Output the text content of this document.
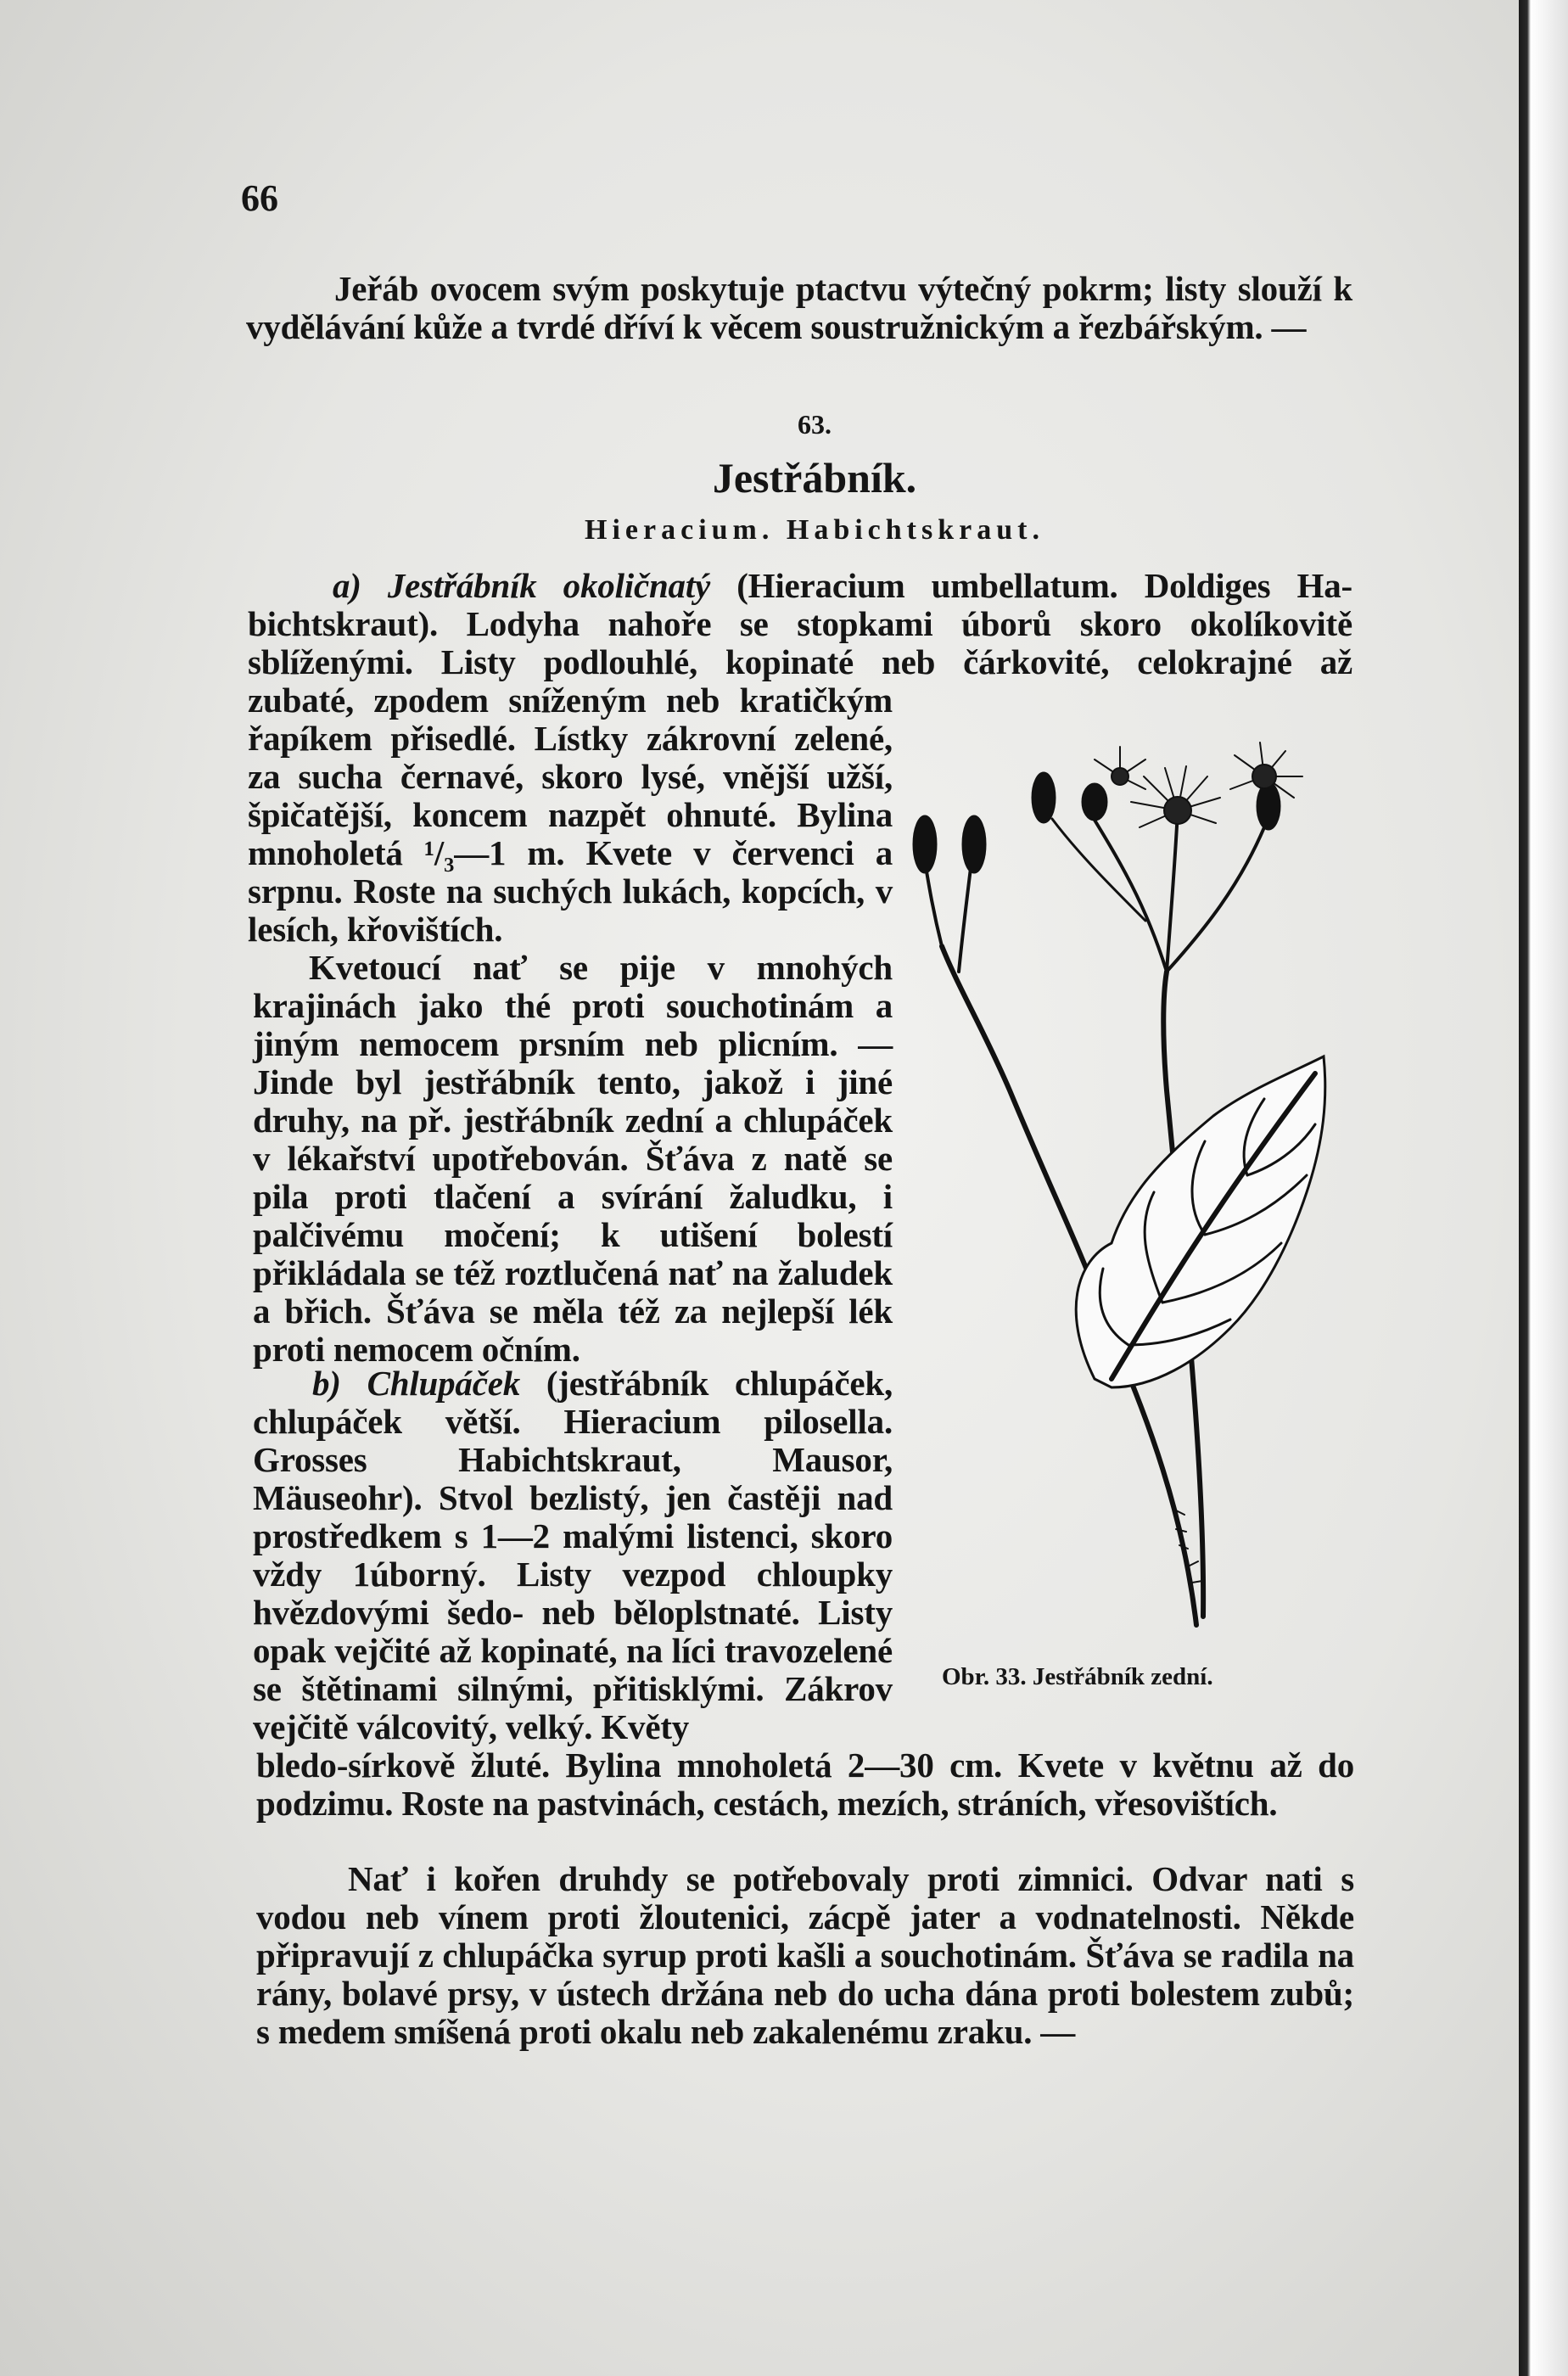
66
Jeřáb ovocem svým poskytuje ptactvu výtečný pokrm; listy slouží k vydělávání kůže a tvrdé dříví k věcem soustružnickým a řezbářským. —
63.
Jestřábník.
Hieracium. Habichtskraut.
a) Jestřábník okoličnatý (Hieracium umbellatum. Doldiges Ha-
bichtskraut). Lodyha nahoře se stopkami úborů skoro okolíkovitě
sblíženými. Listy podlouhlé, kopinaté neb čárkovité, celokrajné až
zubaté, zpodem sníženým neb kratičkým řapíkem přisedlé. Lístky zákrovní zelené, za sucha černavé, skoro lysé, vnější užší, špičatější, koncem nazpět ohnuté. Bylina mnoholetá ¹/₃—1 m. Kvete v červenci a srpnu. Roste na suchých lukách, kopcích, v lesích, křovištích.
Kvetoucí nať se pije v mnohých krajinách jako thé proti souchotinám a jiným nemocem prsním neb plicním. — Jinde byl jestřábník tento, jakož i jiné druhy, na př. jestřábník zední a chlupáček v lékařství upotřebován. Šťáva z natě se pila proti tlačení a svírání žaludku, i palčivému močení; k utišení bolestí přikládala se též roztlučená nať na žaludek a břich. Šťáva se měla též za nejlepší lék proti nemocem očním.
b) Chlupáček (jestřábník chlupáček, chlupáček větší. Hieracium pilosella. Grosses Habichtskraut, Mausor, Mäuseohr). Stvol bezlistý, jen častěji nad prostředkem s 1—2 malými listenci, skoro vždy 1úborný. Listy vezpod chloupky hvězdovými šedo- neb běloplstnaté. Listy opak vejčité až kopinaté, na líci travozelené se štětinami silnými, přitisklými. Zákrov vejčitě válcovitý, velký. Květy
bledo-sírkově žluté. Bylina mnoholetá 2—30 cm. Kvete v květnu až do podzimu. Roste na pastvinách, cestách, mezích, stráních, vřesovištích.
Nať i kořen druhdy se potřebovaly proti zimnici. Odvar nati s vodou neb vínem proti žloutenici, zácpě jater a vodnatelnosti. Někde připravují z chlupáčka syrup proti kašli a souchotinám. Šťáva se radila na rány, bolavé prsy, v ústech držána neb do ucha dána proti bolestem zubů; s medem smíšená proti okalu neb zakalenému zraku. —
Obr. 33. Jestřábník zední.
